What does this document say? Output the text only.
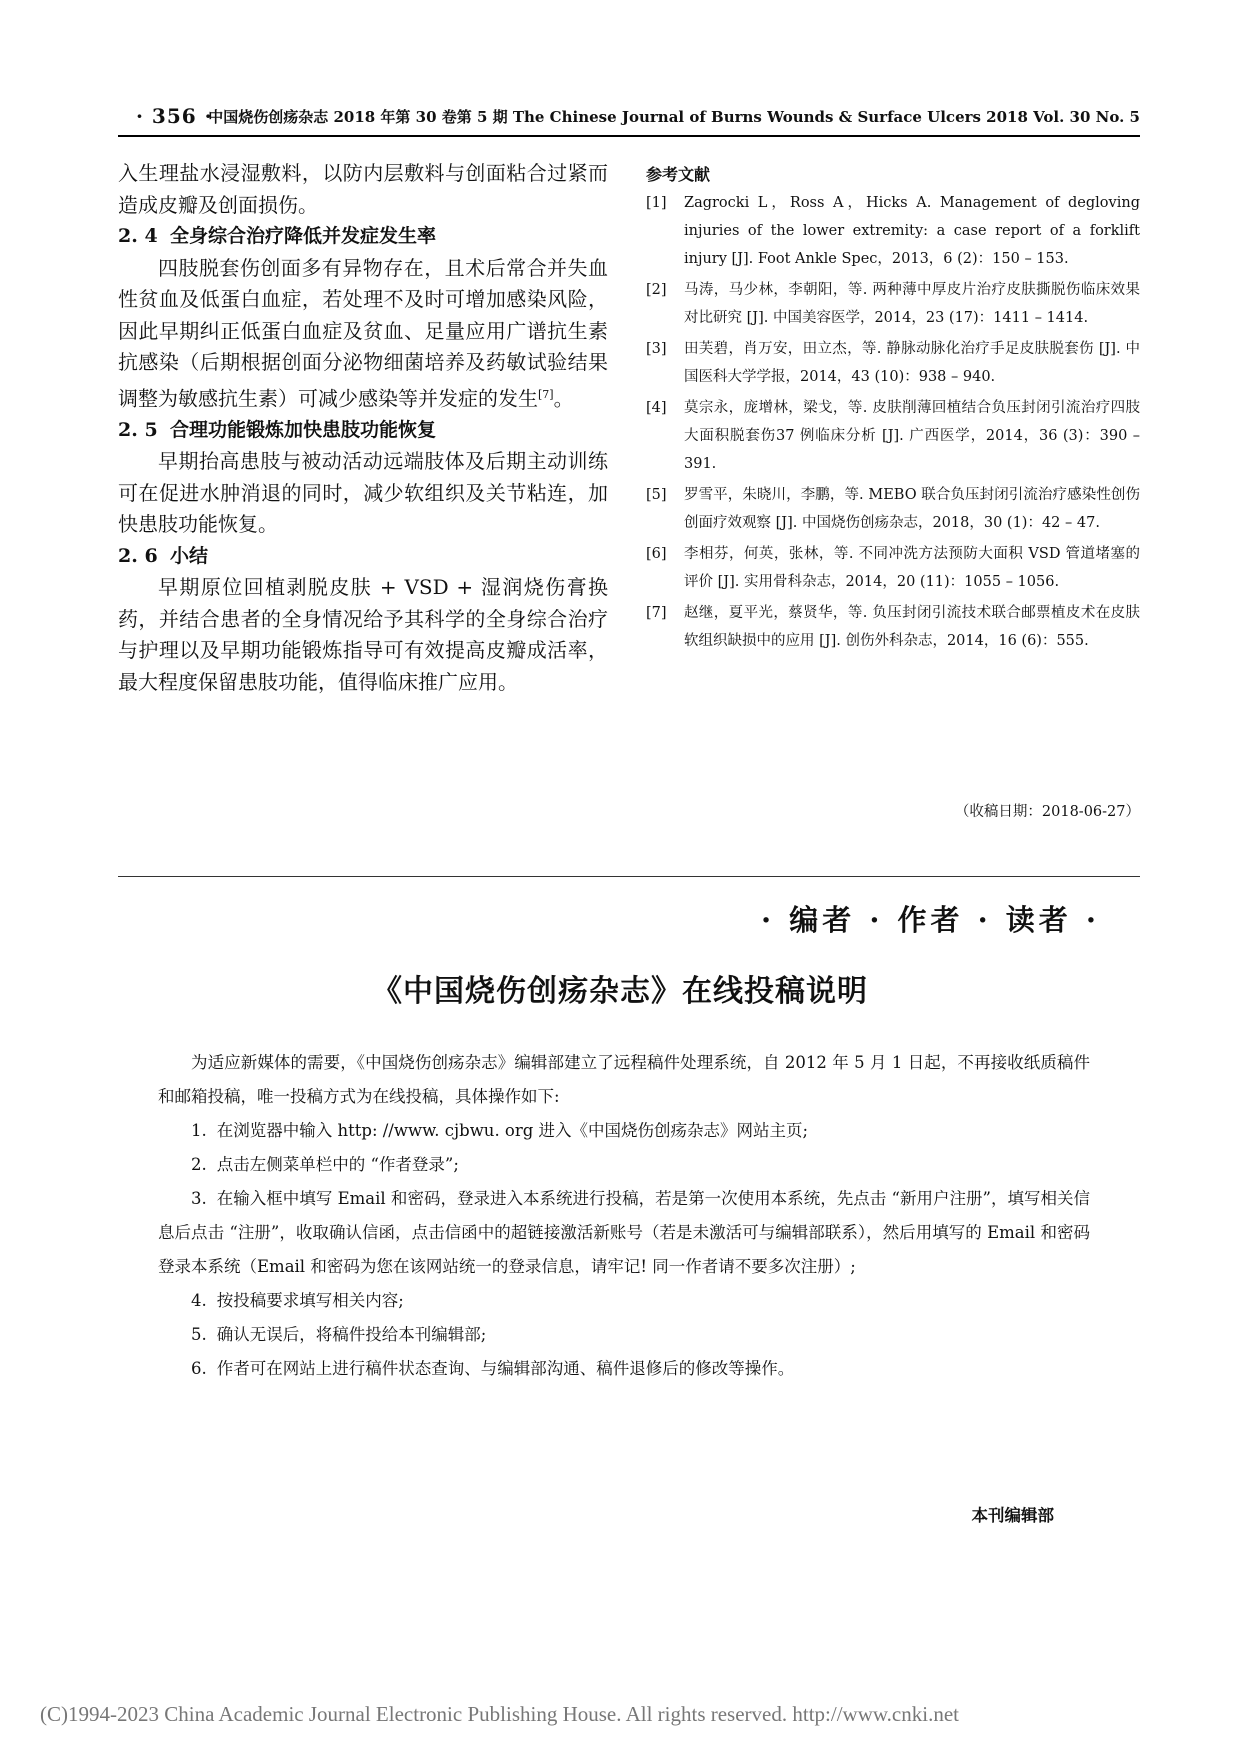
· 356 ·
中国烧伤创疡杂志 2018 年第 30 卷第 5 期 The Chinese Journal of Burns Wounds & Surface Ulcers 2018 Vol. 30 No. 5

入生理盐水浸湿敷料，以防内层敷料与创面粘合过紧而造成皮瓣及创面损伤。

2. 4 全身综合治疗降低并发症发生率

四肢脱套伤创面多有异物存在，且术后常合并失血性贫血及低蛋白血症，若处理不及时可增加感染风险，因此早期纠正低蛋白血症及贫血、足量应用广谱抗生素抗感染（后期根据创面分泌物细菌培养及药敏试验结果调整为敏感抗生素）可减少感染等并发症的发生[7]。

2. 5 合理功能锻炼加快患肢功能恢复

早期抬高患肢与被动活动远端肢体及后期主动训练可在促进水肿消退的同时，减少软组织及关节粘连，加快患肢功能恢复。

2. 6 小结

早期原位回植剥脱皮肤 + VSD + 湿润烧伤膏换药，并结合患者的全身情况给予其科学的全身综合治疗与护理以及早期功能锻炼指导可有效提高皮瓣成活率，最大程度保留患肢功能，值得临床推广应用。

参考文献
[1]	Zagrocki L，Ross A，Hicks A. Management of degloving injuries of the lower extremity: a case report of a forklift injury [J]. Foot Ankle Spec，2013，6 (2)：150 – 153.
[2]	马涛，马少林，李朝阳，等. 两种薄中厚皮片治疗皮肤撕脱伤临床效果对比研究 [J]. 中国美容医学，2014，23 (17)：1411 – 1414.
[3]	田芙碧，肖万安，田立杰，等. 静脉动脉化治疗手足皮肤脱套伤 [J]. 中国医科大学学报，2014，43 (10)：938 – 940.
[4]	莫宗永，庞增林，梁戈，等. 皮肤削薄回植结合负压封闭引流治疗四肢大面积脱套伤37 例临床分析 [J]. 广西医学，2014，36 (3)：390 – 391.
[5]	罗雪平，朱晓川，李鹏，等. MEBO 联合负压封闭引流治疗感染性创伤创面疗效观察 [J]. 中国烧伤创疡杂志，2018，30 (1)：42 – 47.
[6]	李相芬，何英，张林，等. 不同冲洗方法预防大面积 VSD 管道堵塞的评价 [J]. 实用骨科杂志，2014，20 (11)：1055 – 1056.
[7]	赵继，夏平光，蔡贤华，等. 负压封闭引流技术联合邮票植皮术在皮肤软组织缺损中的应用 [J]. 创伤外科杂志，2014，16 (6)：555.
（收稿日期：2018-06-27）
· 编者 · 作者 · 读者 ·
《中国烧伤创疡杂志》在线投稿说明

为适应新媒体的需要，《中国烧伤创疡杂志》编辑部建立了远程稿件处理系统，自 2012 年 5 月 1 日起，不再接收纸质稿件和邮箱投稿，唯一投稿方式为在线投稿，具体操作如下:

1. 在浏览器中输入 http: //www. cjbwu. org 进入《中国烧伤创疡杂志》网站主页;

2. 点击左侧菜单栏中的 “作者登录”;

3. 在输入框中填写 Email 和密码，登录进入本系统进行投稿，若是第一次使用本系统，先点击 “新用户注册”，填写相关信息后点击 “注册”，收取确认信函，点击信函中的超链接激活新账号（若是未激活可与编辑部联系），然后用填写的 Email 和密码登录本系统（Email 和密码为您在该网站统一的登录信息，请牢记! 同一作者请不要多次注册）;

4. 按投稿要求填写相关内容;

5. 确认无误后，将稿件投给本刊编辑部;

6. 作者可在网站上进行稿件状态查询、与编辑部沟通、稿件退修后的修改等操作。

本刊编辑部
(C)1994-2023 China Academic Journal Electronic Publishing House. All rights reserved. http://www.cnki.net
